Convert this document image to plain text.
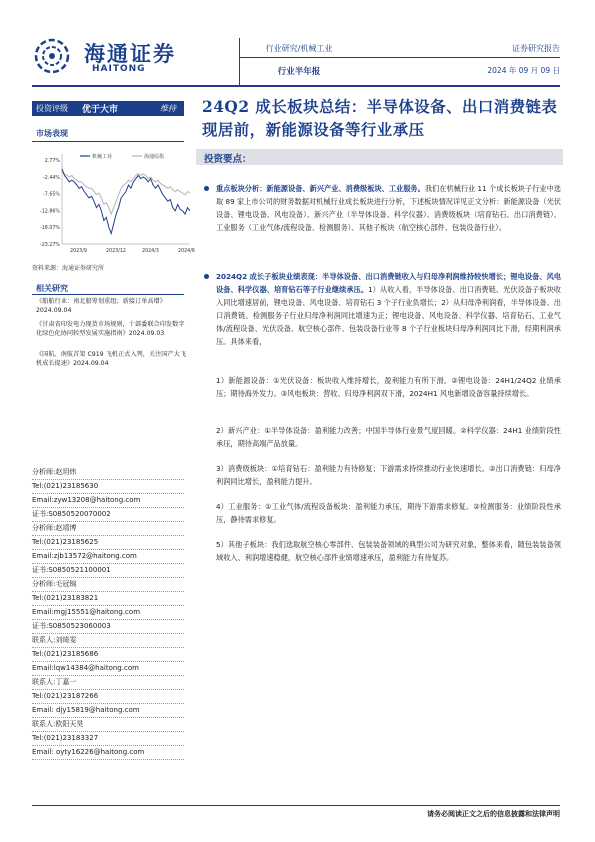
海通证券
HAITONG
行业研究/机械工业
行业半年报
证券研究报告
2024 年 09 月 09 日
投资评级 优于大市	维持
市场表现
2.77%
-2.44%
-7.65%
-12.86%
-18.07%
-23.27%
2023/9	2023/12	2024/3	2024/6
机械工业	海通综指
资料来源：海通证券研究所
相关研究
《船舶行业：南北船筹划重组；新接订单高增》2024.09.04
《甘肃省印发电力现货市场规则，十部委联合印发数字化绿色化协同转型发展实施指南》2024.09.03
《国航、南航首架 C919 飞机正式入列，关注国产大飞机成长提速》2024.09.04
分析师:赵玥炜
Tel:(021)23185630
Email:zyw13208@haitong.com
证书:S0850520070002
分析师:赵靖博
Tel:(021)23185625
Email:zjb13572@haitong.com
证书:S0850521100001
分析师:毛冠锦
Tel:(021)23183821
Email:mgj15551@haitong.com
证书:S0850523060003
联系人:刘绮雯
Tel:(021)23185686
Email:lqw14384@haitong.com
联系人:丁嘉一
Tel:(021)23187266
Email: djy15819@haitong.com
联系人:欧阳天昊
Tel:(021)23183327
Email: oyty16226@haitong.com
24Q2 成长板块总结：半导体设备、出口消费链表现居前，新能源设备等行业承压
投资要点：
重点板块分析：新能源设备、新兴产业、消费级板块、工业服务。我们在机械行业 11 个成长板块子行业中选取 89 家上市公司的财务数据对机械行业成长板块进行分析，下述板块情况详见正文分析：新能源设备（光伏设备、锂电设备、风电设备）、新兴产业（半导体设备、科学仪器）、消费级板块（培育钻石、出口消费链）、工业服务（工业气体/流程设备、检测服务）、其他子板块（航空核心部件、包装设备行业）。
2024Q2 成长子板块业绩表现：半导体设备、出口消费链收入与归母净利润维持较快增长；锂电设备、风电设备、科学仪器、培育钻石等子行业继续承压。1）从收入看，半导体设备、出口消费链、光伏设备子板块收入同比增速居前，锂电设备、风电设备、培育钻石 3 个子行业负增长；2）从归母净利润看，半导体设备、出口消费链、检测服务子行业归母净利润同比增速为正；锂电设备、风电设备、科学仪器、培育钻石、工业气体/流程设备、光伏设备、航空核心部件、包装设备行业等 8 个子行业板块归母净利润同比下滑，经期利润承压。具体来看，
1）新能源设备：①光伏设备：板块收入维持增长，盈利能力有所下滑。②锂电设备：24H1/24Q2 业绩承压；期待海外发力。③风电板块：营收、归母净利润双下滑，2024H1 风电新增设备容量持续增长。
2）新兴产业：①半导体设备：盈利能力改善；中国半导体行业景气度回暖。②科学仪器：24H1 业绩阶段性承压，期待高端产品放量。
3）消费级板块：①培育钻石：盈利能力有待修复；下游需求持续推动行业快速增长。②出口消费链：归母净利润同比增长，盈利能力提升。
4）工业服务：①工业气体/流程设备板块：盈利能力承压，期待下游需求修复。②检测服务：业绩阶段性承压，静待需求修复。
5）其他子板块：我们选取航空核心零部件、包装装备领域的典型公司为研究对象，整体来看，随包装装备领域收入、利润增速稳健，航空核心部件业绩增速承压，盈利能力有待复苏。
请务必阅读正文之后的信息披露和法律声明
